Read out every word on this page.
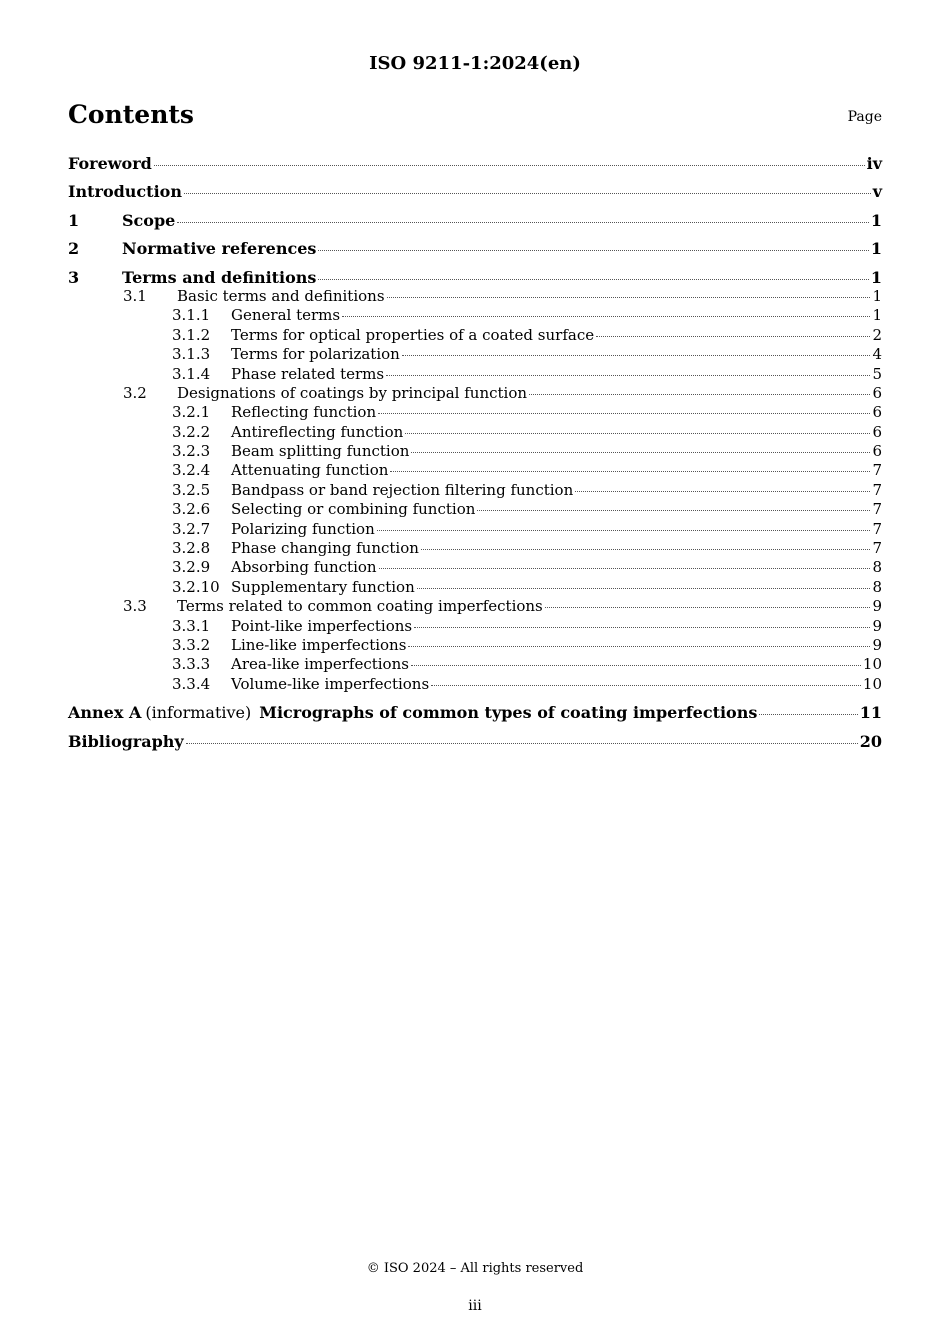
ISO 9211-1:2024(en)
Contents	Page
Foreword	iv
Introduction	v
1	Scope	1
2	Normative references	1
3	Terms and definitions	1
3.1	Basic terms and definitions	1
3.1.1	General terms	1
3.1.2	Terms for optical properties of a coated surface	2
3.1.3	Terms for polarization	4
3.1.4	Phase related terms	5
3.2	Designations of coatings by principal function	6
3.2.1	Reflecting function	6
3.2.2	Antireflecting function	6
3.2.3	Beam splitting function	6
3.2.4	Attenuating function	7
3.2.5	Bandpass or band rejection filtering function	7
3.2.6	Selecting or combining function	7
3.2.7	Polarizing function	7
3.2.8	Phase changing function	7
3.2.9	Absorbing function	8
3.2.10 Supplementary function	8
3.3	Terms related to common coating imperfections	9
3.3.1	Point-like imperfections	9
3.3.2	Line-like imperfections	9
3.3.3	Area-like imperfections	10
3.3.4	Volume-like imperfections	10
Annex A (informative) Micrographs of common types of coating imperfections	11
Bibliography	20
© ISO 2024 – All rights reserved
iii
